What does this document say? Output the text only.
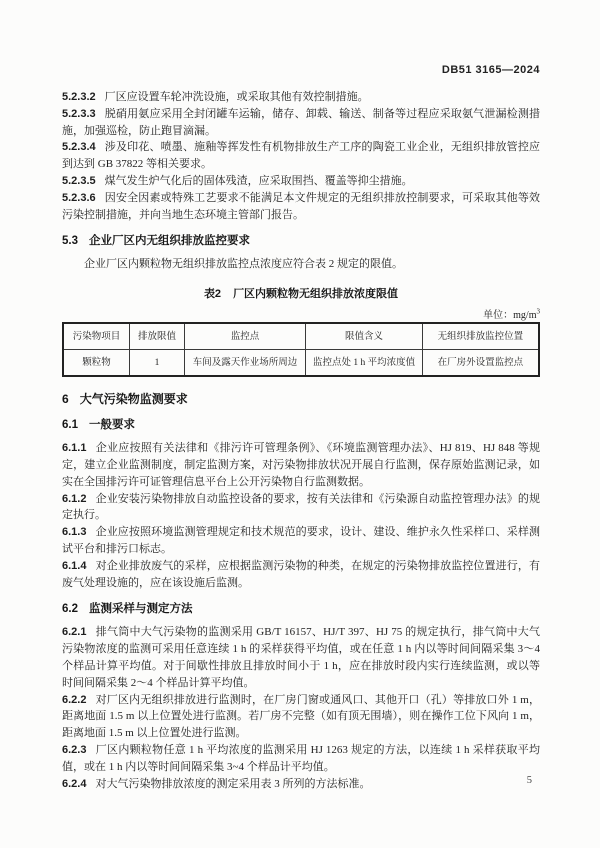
DB51 3165—2024

5.2.3.2 厂区应设置车轮冲洗设施，或采取其他有效控制措施。

5.2.3.3 脱硝用氨应采用全封闭罐车运输，储存、卸载、输送、制备等过程应采取氨气泄漏检测措施，加强巡检，防止跑冒滴漏。

5.2.3.4 涉及印花、喷墨、施釉等挥发性有机物排放生产工序的陶瓷工业企业，无组织排放管控应到达到 GB 37822 等相关要求。

5.2.3.5 煤气发生炉气化后的固体残渣，应采取围挡、覆盖等抑尘措施。

5.2.3.6 因安全因素或特殊工艺要求不能满足本文件规定的无组织排放控制要求，可采取其他等效污染控制措施，并向当地生态环境主管部门报告。

5.3 企业厂区内无组织排放监控要求

企业厂区内颗粒物无组织排放监控点浓度应符合表 2 规定的限值。

表2 厂区内颗粒物无组织排放浓度限值

单位：$mg/m^3$
污染物项目	排放限值	监控点	限值含义	无组织排放监控位置
颗粒物	1	车间及露天作业场所周边	监控点处 1 h 平均浓度值	在厂房外设置监控点
6 大气污染物监测要求
6.1 一般要求

6.1.1 企业应按照有关法律和《排污许可管理条例》、《环境监测管理办法》、HJ 819、HJ 848 等规定，建立企业监测制度，制定监测方案，对污染物排放状况开展自行监测，保存原始监测记录，如实在全国排污许可证管理信息平台上公开污染物自行监测数据。

6.1.2 企业安装污染物排放自动监控设备的要求，按有关法律和《污染源自动监控管理办法》的规定执行。

6.1.3 企业应按照环境监测管理规定和技术规范的要求，设计、建设、维护永久性采样口、采样测试平台和排污口标志。

6.1.4 对企业排放废气的采样，应根据监测污染物的种类，在规定的污染物排放监控位置进行，有废气处理设施的，应在该设施后监测。

6.2 监测采样与测定方法

6.2.1 排气筒中大气污染物的监测采用 GB/T 16157、HJ/T 397、HJ 75 的规定执行，排气筒中大气污染物浓度的监测可采用任意连续 1 h 的采样获得平均值，或在任意 1 h 内以等时间间隔采集 3～4 个样品计算平均值。对于间歇性排放且排放时间小于 1 h，应在排放时段内实行连续监测，或以等时间间隔采集 2～4 个样品计算平均值。

6.2.2 对厂区内无组织排放进行监测时，在厂房门窗或通风口、其他开口（孔）等排放口外 1 m，距离地面 1.5 m 以上位置处进行监测。若厂房不完整（如有顶无围墙），则在操作工位下风向 1 m，距离地面 1.5 m 以上位置处进行监测。

6.2.3 厂区内颗粒物任意 1 h 平均浓度的监测采用 HJ 1263 规定的方法，以连续 1 h 采样获取平均值，或在 1 h 内以等时间间隔采集 3~4 个样品计平均值。

6.2.4 对大气污染物排放浓度的测定采用表 3 所列的方法标准。	5
